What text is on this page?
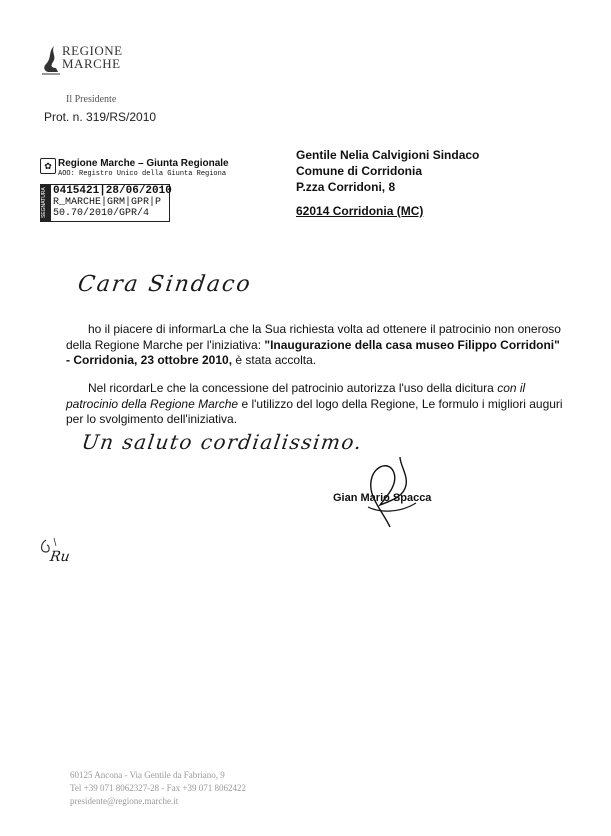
REGIONE
MARCHE
Il Presidente
Prot. n. 319/RS/2010
✿ Regione Marche – Giunta Regionale
AOO: Registro Unico della Giunta Regiona
SEGNATURA 0415421|28/06/2010
R_MARCHE|GRM|GPR|P
50.70/2010/GPR/4
Gentile Nelia Calvigioni Sindaco
Comune di Corridonia
P.zza Corridoni, 8
62014 Corridonia (MC)
Cara Sindaco
ho il piacere di informarLa che la Sua richiesta volta ad ottenere il patrocinio non oneroso della Regione Marche per l'iniziativa: "Inaugurazione della casa museo Filippo Corridoni" - Corridonia, 23 ottobre 2010, è stata accolta.
Nel ricordarLe che la concessione del patrocinio autorizza l'uso della dicitura con il patrocinio della Regione Marche e l'utilizzo del logo della Regione, Le formulo i migliori auguri per lo svolgimento dell'iniziativa.
Un saluto cordialissimo.
Gian Mario Spacca
Ru
60125 Ancona - Via Gentile da Fabriano, 9
Tel +39 071 8062327-28 - Fax +39 071 8062422
presidente@regione.marche.it
